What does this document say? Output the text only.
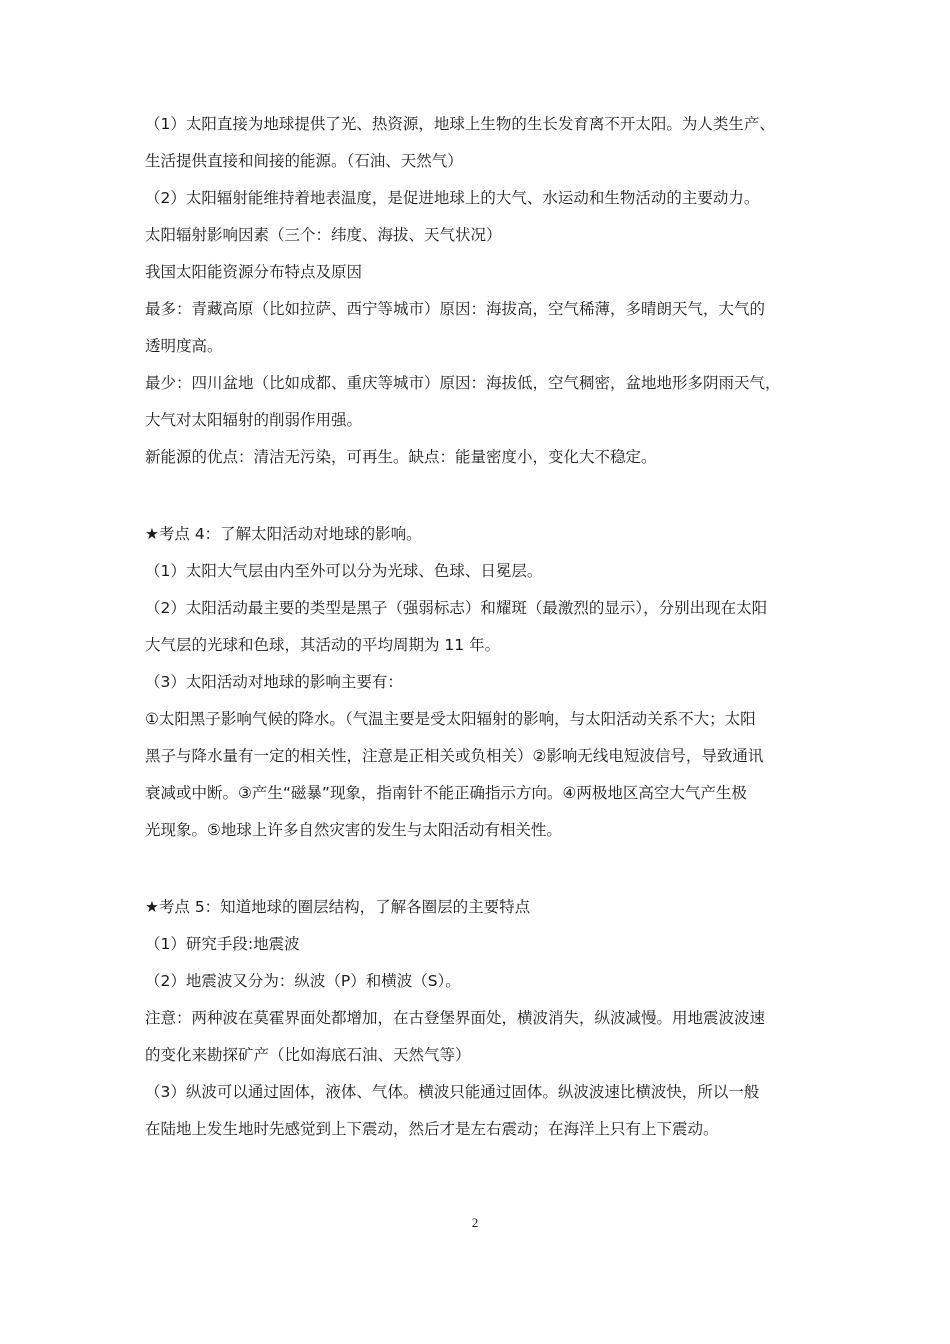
（1）太阳直接为地球提供了光、热资源，地球上生物的生长发育离不开太阳。为人类生产、
生活提供直接和间接的能源。（石油、天然气）
（2）太阳辐射能维持着地表温度，是促进地球上的大气、水运动和生物活动的主要动力。
太阳辐射影响因素（三个：纬度、海拔、天气状况）
我国太阳能资源分布特点及原因
最多：青藏高原（比如拉萨、西宁等城市）原因：海拔高，空气稀薄，多晴朗天气，大气的
透明度高。
最少：四川盆地（比如成都、重庆等城市）原因：海拔低，空气稠密，盆地地形多阴雨天气，
大气对太阳辐射的削弱作用强。
新能源的优点：清洁无污染，可再生。缺点：能量密度小，变化大不稳定。
★考点 4：了解太阳活动对地球的影响。
（1）太阳大气层由内至外可以分为光球、色球、日冕层。
（2）太阳活动最主要的类型是黑子（强弱标志）和耀斑（最激烈的显示），分别出现在太阳
大气层的光球和色球，其活动的平均周期为 11 年。
（3）太阳活动对地球的影响主要有：
①太阳黑子影响气候的降水。（气温主要是受太阳辐射的影响，与太阳活动关系不大；太阳
黑子与降水量有一定的相关性，注意是正相关或负相关）②影响无线电短波信号，导致通讯
衰减或中断。③产生“磁暴”现象，指南针不能正确指示方向。④两极地区高空大气产生极
光现象。⑤地球上许多自然灾害的发生与太阳活动有相关性。
★考点 5：知道地球的圈层结构，了解各圈层的主要特点
（1）研究手段:地震波
（2）地震波又分为：纵波（P）和横波（S）。
注意：两种波在莫霍界面处都增加，在古登堡界面处，横波消失，纵波减慢。用地震波波速
的变化来勘探矿产（比如海底石油、天然气等）
（3）纵波可以通过固体，液体、气体。横波只能通过固体。纵波波速比横波快，所以一般
在陆地上发生地时先感觉到上下震动，然后才是左右震动；在海洋上只有上下震动。
2
